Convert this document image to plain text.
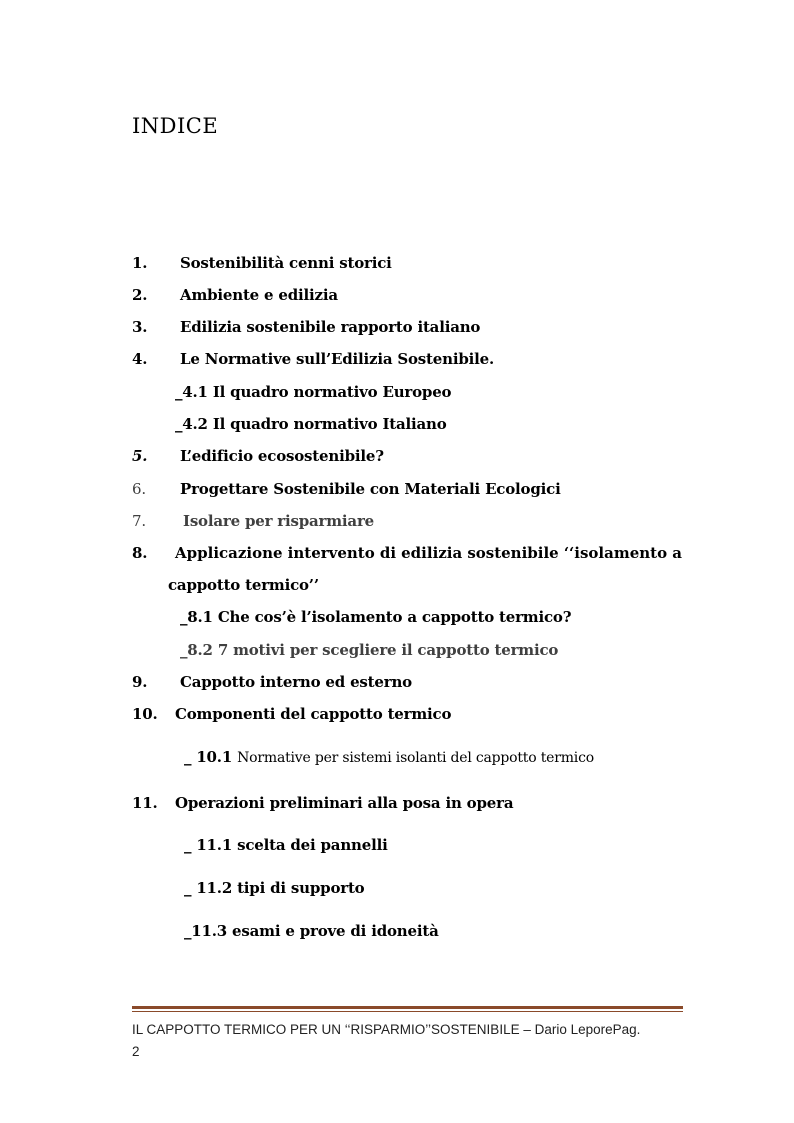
INDICE
1. Sostenibilità cenni storici
2. Ambiente e edilizia
3. Edilizia sostenibile rapporto italiano
4. Le Normative sull’Edilizia Sostenibile.
_4.1 Il quadro normativo Europeo
_4.2 Il quadro normativo Italiano
5. L’edificio ecosostenibile?
6. Progettare Sostenibile con Materiali Ecologici
7. Isolare per risparmiare
8. Applicazione intervento di edilizia sostenibile ‘‘isolamento a
cappotto termico’’
_8.1 Che cos’è l’isolamento a cappotto termico?
_8.2 7 motivi per scegliere il cappotto termico
9. Cappotto interno ed esterno
10. Componenti del cappotto termico
_ 10.1 Normative per sistemi isolanti del cappotto termico
11. Operazioni preliminari alla posa in opera
_ 11.1 scelta dei pannelli
_ 11.2 tipi di supporto
_11.3 esami e prove di idoneità
IL CAPPOTTO TERMICO PER UN ‘‘RISPARMIO’’SOSTENIBILE – Dario LeporePag.
2
